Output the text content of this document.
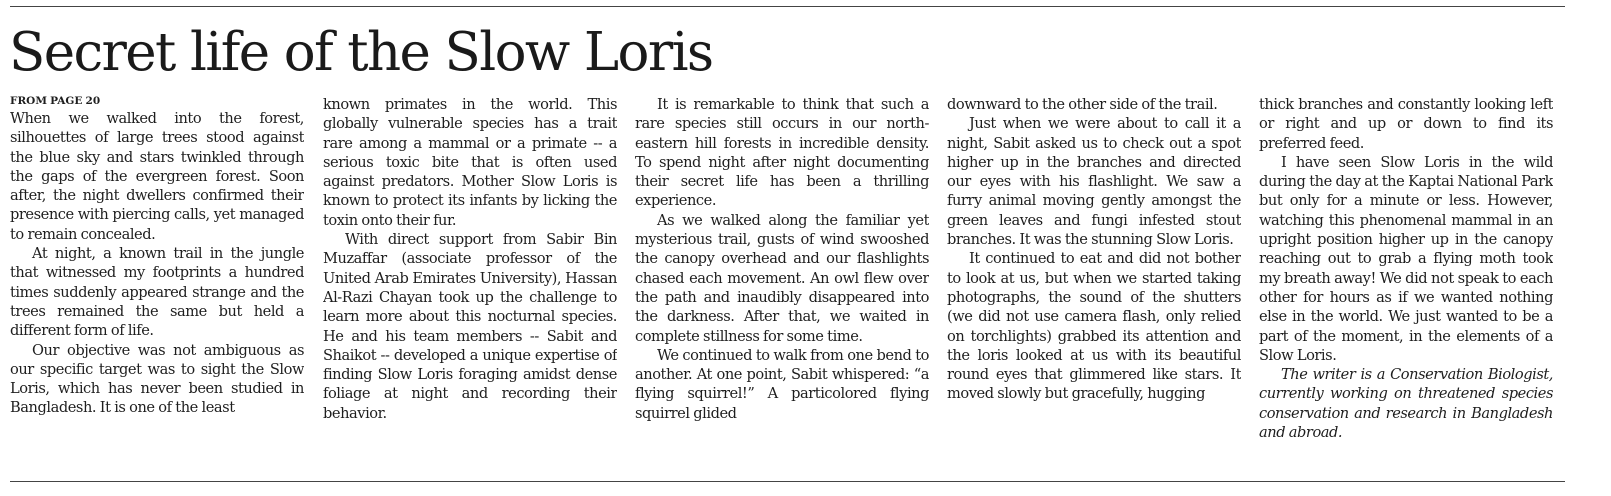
Secret life of the Slow Loris
FROM PAGE 20

When we walked into the forest, silhouettes of large trees stood against the blue sky and stars twinkled through the gaps of the evergreen forest. Soon after, the night dwellers confirmed their presence with piercing calls, yet managed to remain concealed.

At night, a known trail in the jungle that witnessed my footprints a hundred times suddenly appeared strange and the trees remained the same but held a different form of life.

Our objective was not ambiguous as our specific target was to sight the Slow Loris, which has never been studied in Bangladesh. It is one of the least

known primates in the world. This globally vulnerable species has a trait rare among a mammal or a primate -- a serious toxic bite that is often used against predators. Mother Slow Loris is known to protect its infants by licking the toxin onto their fur.

With direct support from Sabir Bin Muzaffar (associate professor of the United Arab Emirates University), Hassan Al-Razi Chayan took up the challenge to learn more about this nocturnal species. He and his team members -- Sabit and Shaikot -- developed a unique expertise of finding Slow Loris foraging amidst dense foliage at night and recording their behavior.

It is remarkable to think that such a rare species still occurs in our north-eastern hill forests in incredible density. To spend night after night documenting their secret life has been a thrilling experience.

As we walked along the familiar yet mysterious trail, gusts of wind swooshed the canopy overhead and our flashlights chased each movement. An owl flew over the path and inaudibly disappeared into the darkness. After that, we waited in complete stillness for some time.

We continued to walk from one bend to another. At one point, Sabit whispered: “a flying squirrel!” A particolored flying squirrel glided

downward to the other side of the trail.

Just when we were about to call it a night, Sabit asked us to check out a spot higher up in the branches and directed our eyes with his flashlight. We saw a furry animal moving gently amongst the green leaves and fungi infested stout branches. It was the stunning Slow Loris.

It continued to eat and did not bother to look at us, but when we started taking photographs, the sound of the shutters (we did not use camera flash, only relied on torchlights) grabbed its attention and the loris looked at us with its beautiful round eyes that glimmered like stars. It moved slowly but gracefully, hugging

thick branches and constantly looking left or right and up or down to find its preferred feed.

I have seen Slow Loris in the wild during the day at the Kaptai National Park but only for a minute or less. However, watching this phenomenal mammal in an upright position higher up in the canopy reaching out to grab a flying moth took my breath away! We did not speak to each other for hours as if we wanted nothing else in the world. We just wanted to be a part of the moment, in the elements of a Slow Loris.

The writer is a Conservation Biologist, currently working on threatened species conservation and research in Bangladesh and abroad.
